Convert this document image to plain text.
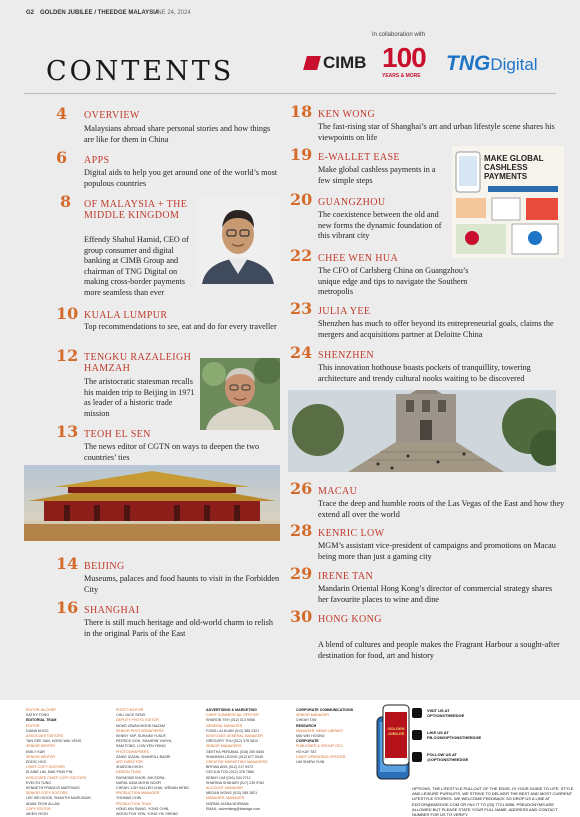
G2 GOLDEN JUBILEE / THEEDGE MALAYSIA
JUNE 24, 2024
In collaboration with
CIMB 100
YEARS & MORE
TNGDigital
CONTENTS
4 OVERVIEW
Malaysians abroad share personal stories and how things are like for them in China
6 APPS
Digital aids to help you get around one of the world’s most populous countries
8 OF MALAYSIA + THE MIDDLE KINGDOM
Effendy Shahul Hamid, CEO of group consumer and digital banking at CIMB Group and chairman of TNG Digital on making cross-border payments more seamless than ever
10 KUALA LUMPUR
Top recommendations to see, eat and do for every traveller
12 TENGKU RAZALEIGH HAMZAH
The aristocratic statesman recalls his maiden trip to Beijing in 1971 as leader of a historic trade mission
13 TEOH EL SEN
The news editor of CGTN on ways to deepen the two countries’ ties
14 BEIJING
Museums, palaces and food haunts to visit in the Forbidden City
16 SHANGHAI
There is still much heritage and old-world charm to relish in the original Paris of the East
18 KEN WONG
The fast-rising star of Shanghai’s art and urban lifestyle scene shares his viewpoints on life
19 E-WALLET EASE
Make global cashless payments in a few simple steps
20 GUANGZHOU
The coexistence between the old and new forms the dynamic foundation of this vibrant city
MAKE GLOBAL CASHLESS PAYMENTS
22 CHEE WEN HUA
The CFO of Carlsberg China on Guangzhou’s unique edge and tips to navigate the Southern metropolis
23 JULIA YEE
Shenzhen has much to offer beyond its entrepreneurial goals, claims the mergers and acquisitions partner at Deloitte China
24 SHENZHEN
This innovation hothouse boasts pockets of tranquillity, towering architecture and trendy cultural nooks waiting to be discovered
26 MACAU
Trace the deep and humble roots of the Las Vegas of the East and how they extend all over the world
28 KENRIC LOW
MGM’s assistant vice-president of campaigns and promotions on Macau being more than just a gaming city
29 IRENE TAN
Mandarin Oriental Hong Kong’s director of commercial strategy shares her favourite places to wine and dine
30 HONG KONG
A blend of cultures and people makes the Fragrant Harbour a sought-after destination for food, art and history
EDITOR-IN-CHIEF
KATHY FONG
EDITORIAL TEAM
EDITOR
DIANA KHOO
ASSOCIATE EDITORS
TAN GEK SAN, HONG WAI YENG
SENIOR WRITER
EMILY KAR
SENIOR WRITER
EDDIC HOO
CHIEF COPY EDITORS
ELAINE LIM, MAK PING PIN
ASSOCIATE CHIEF COPY EDITORS
EVELYN TUNG
KENNETH FRANCIS MARTINUS
SENIOR COPY EDITORS
LEE WEI DOOK, SHANTHI MURUGIAH,
ADAM TEOH ALLAN
COPY EDITOR
AIKEN YEOH
PHOTO EDITOR
CHU JUCK SENG
DEPUTY PHOTO EDITOR
MOHD IZWAN MOHD NAZAM
SENIOR PHOTOGRAPHERS
KENNY YAP, SUHAIMI YUSUF,
PATRICK GOH, SHAHRIN YAHYA,
SAM FONG, LOW YEN YEING
PHOTOGRAPHERS
ZAHID IZZANI, SHAHRILL BASRI
ART DIRECTOR
SHARON KHOH
DESIGN TEAM
RAYMOND KHOR, NIK EDRA,
NURUL AIDA MOHD NOOR
CHEAH, LOH SALLEH CHAI, WENAN HENG
PRODUCTION MANAGER
THOMAS CHIN
PRODUCTION TEAM
HONG KIN SIANG, YONG CHIN,
WOON FOH YEW, YONG YIK SHENG
ADVERTISING & MARKETING
CHIEF COMMERCIAL OFFICER
SHARON TEH (012) 313 9056
GENERAL MANAGER
FONG LAI KUAN (012) 386 2321
ASSISTANT GENERAL MANAGER
GREGORY THU (012) 378 0614
SENIOR MANAGERS
GEETHA PERUMAL (016) 250 0840
SHANNON LEONG (012) 677 5349
CREATIVE MARKETING MANAGERS
BRIYAN ANG (012) 217 9472
CECILIA TOO (012) 376 7866
KENNY LIM (016) 334 2712
SHARINA SHAHARI (017) 239 9782
ACCOUNT MANAGER
MEGAN WONG (012) 285 2821
MANAGER, MANAGER
NORMA JASNA NORMAN
EMAIL: advertising@bizedge.com
CORPORATE COMMUNICATIONS
SENIOR MANAGER
CHEAH TAN
RESEARCH
MANAGER, NEWS LIBRARY
MAI WEI HOONG
CORPORATE
PUBLISHER & GROUP CEO
HO KAY TAT
CHIEF OPERATING OFFICER
LIM SHIEW YUIN
GOLDEN JUBILEE
VISIT US AT
OPTIONSTHEEDGE
LIKE US AT
FB.COM/OPTIONSTHEEDGE
FOLLOW US AT
@OPTIONSTHEEDGE
OPTIONS, THE LIFESTYLE PULLOUT OF THE EDGE, IS YOUR GUIDE TO LIFE, STYLE AND LEISURE PURSUITS. WE STRIVE TO DELIVER THE BEST AND MOST CURRENT LIFESTYLE STORIES. WE WELCOME FEEDBACK SO DROP US A LINE AT EDITOR@BIZEDGE.COM OR FAX IT TO (03) 7721 8056. PSEUDONYMS ARE ALLOWED BUT PLEASE STATE YOUR FULL NAME, ADDRESS AND CONTACT NUMBER FOR US TO VERIFY.
